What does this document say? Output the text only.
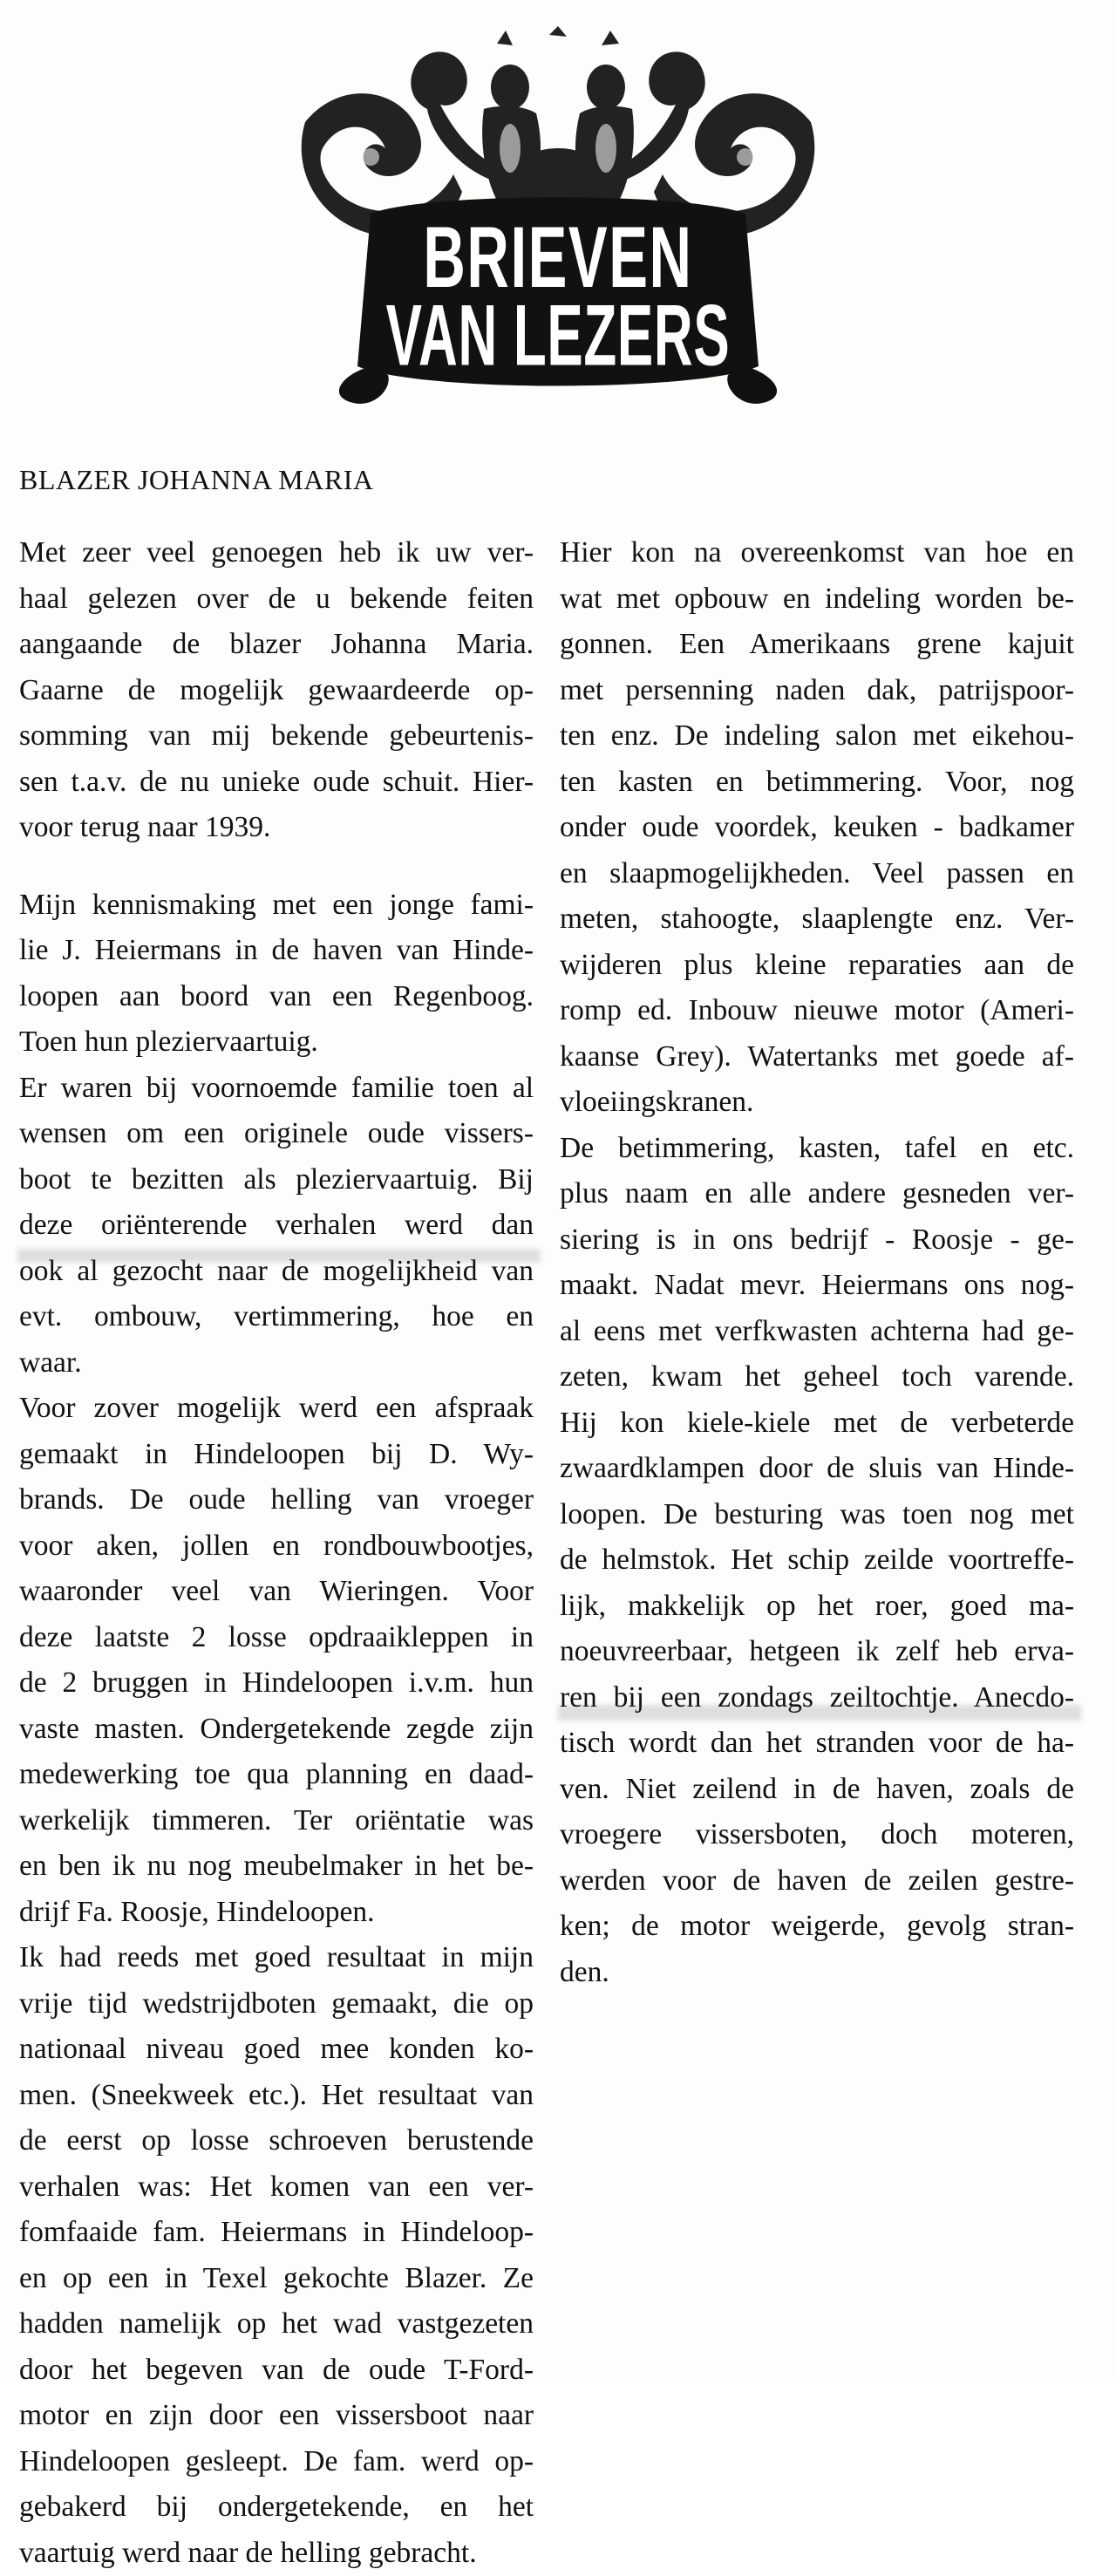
BRIEVEN
VAN LEZERS
BLAZER JOHANNA MARIA
Met zeer veel genoegen heb ik uw ver-
haal gelezen over de u bekende feiten
aangaande de blazer Johanna Maria.
Gaarne de mogelijk gewaardeerde op-
somming van mij bekende gebeurtenis-
sen t.a.v. de nu unieke oude schuit. Hier-
voor terug naar 1939.
Mijn kennismaking met een jonge fami-
lie J. Heiermans in de haven van Hinde-
loopen aan boord van een Regenboog.
Toen hun pleziervaartuig.
Er waren bij voornoemde familie toen al
wensen om een originele oude vissers-
boot te bezitten als pleziervaartuig. Bij
deze oriënterende verhalen werd dan
ook al gezocht naar de mogelijkheid van
evt. ombouw, vertimmering, hoe en
waar.
Voor zover mogelijk werd een afspraak
gemaakt in Hindeloopen bij D. Wy-
brands. De oude helling van vroeger
voor aken, jollen en rondbouwbootjes,
waaronder veel van Wieringen. Voor
deze laatste 2 losse opdraaikleppen in
de 2 bruggen in Hindeloopen i.v.m. hun
vaste masten. Ondergetekende zegde zijn
medewerking toe qua planning en daad-
werkelijk timmeren. Ter oriëntatie was
en ben ik nu nog meubelmaker in het be-
drijf Fa. Roosje, Hindeloopen.
Ik had reeds met goed resultaat in mijn
vrije tijd wedstrijdboten gemaakt, die op
nationaal niveau goed mee konden ko-
men. (Sneekweek etc.). Het resultaat van
de eerst op losse schroeven berustende
verhalen was: Het komen van een ver-
fomfaaide fam. Heiermans in Hindeloop-
en op een in Texel gekochte Blazer. Ze
hadden namelijk op het wad vastgezeten
door het begeven van de oude T-Ford-
motor en zijn door een vissersboot naar
Hindeloopen gesleept. De fam. werd op-
gebakerd bij ondergetekende, en het
vaartuig werd naar de helling gebracht.
Hier kon na overeenkomst van hoe en
wat met opbouw en indeling worden be-
gonnen. Een Amerikaans grene kajuit
met persenning naden dak, patrijspoor-
ten enz. De indeling salon met eikehou-
ten kasten en betimmering. Voor, nog
onder oude voordek, keuken - badkamer
en slaapmogelijkheden. Veel passen en
meten, stahoogte, slaaplengte enz. Ver-
wijderen plus kleine reparaties aan de
romp ed. Inbouw nieuwe motor (Ameri-
kaanse Grey). Watertanks met goede af-
vloeiingskranen.
De betimmering, kasten, tafel en etc.
plus naam en alle andere gesneden ver-
siering is in ons bedrijf - Roosje - ge-
maakt. Nadat mevr. Heiermans ons nog-
al eens met verfkwasten achterna had ge-
zeten, kwam het geheel toch varende.
Hij kon kiele-kiele met de verbeterde
zwaardklampen door de sluis van Hinde-
loopen. De besturing was toen nog met
de helmstok. Het schip zeilde voortreffe-
lijk, makkelijk op het roer, goed ma-
noeuvreerbaar, hetgeen ik zelf heb erva-
ren bij een zondags zeiltochtje. Anecdo-
tisch wordt dan het stranden voor de ha-
ven. Niet zeilend in de haven, zoals de
vroegere vissersboten, doch moteren,
werden voor de haven de zeilen gestre-
ken; de motor weigerde, gevolg stran-
den.
